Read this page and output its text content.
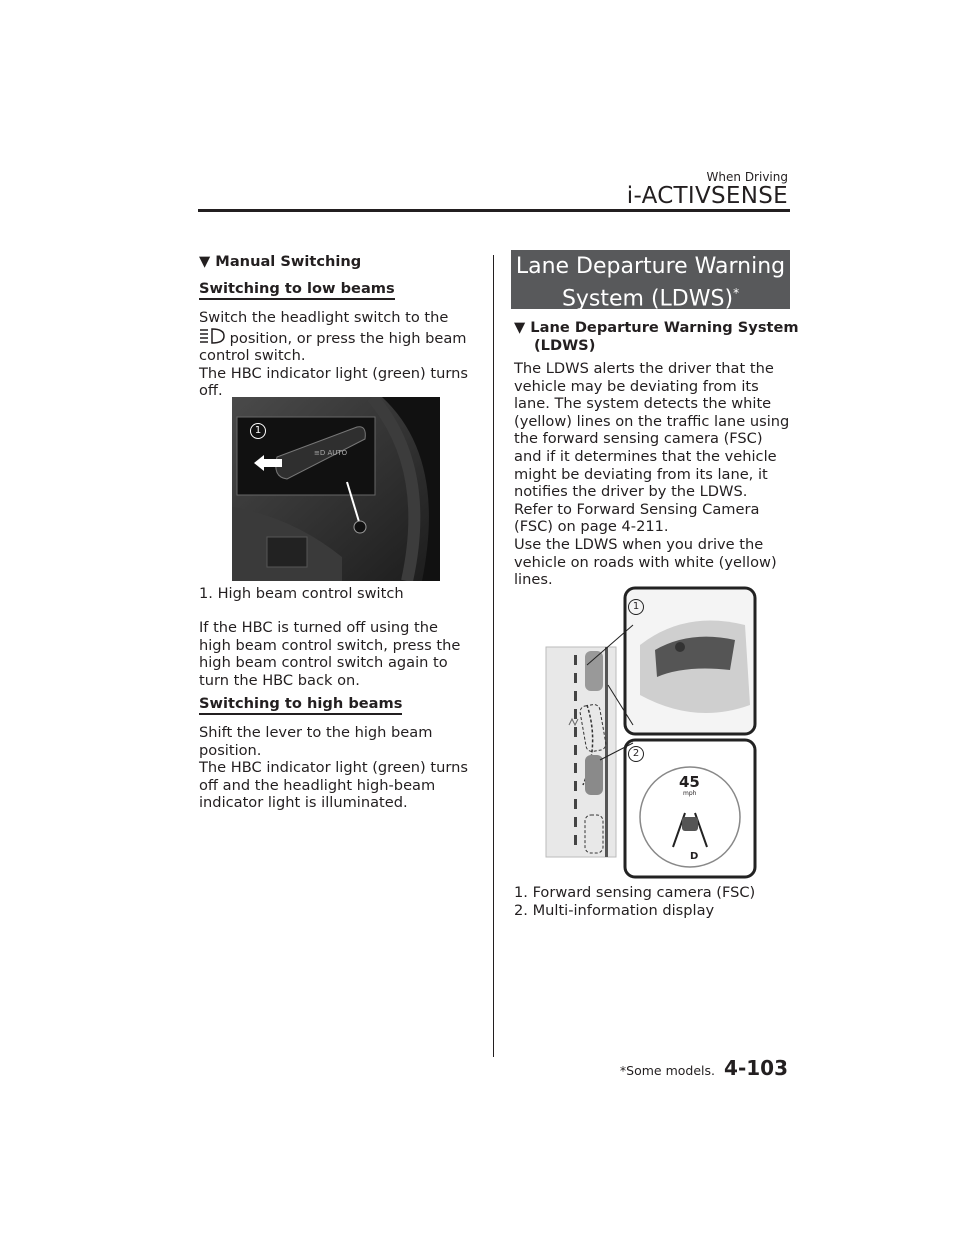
When Driving
i-ACTIVSENSE
▼ Manual Switching
Switching to low beams
Switch the headlight switch to the  position, or press the high beam control switch.
The HBC indicator light (green) turns off.
≡D AUTO
1
1. High beam control switch
If the HBC is turned off using the high beam control switch, press the high beam control switch again to turn the HBC back on.
Switching to high beams
Shift the lever to the high beam position.
The HBC indicator light (green) turns off and the headlight high-beam indicator light is illuminated.
Lane Departure Warning
System (LDWS)*
▼ Lane Departure Warning System
(LDWS)
The LDWS alerts the driver that the vehicle may be deviating from its lane. The system detects the white (yellow) lines on the traffic lane using the forward sensing camera (FSC) and if it determines that the vehicle might be deviating from its lane, it notifies the driver by the LDWS.
Refer to Forward Sensing Camera (FSC) on page 4-211.
Use the LDWS when you drive the vehicle on roads with white (yellow) lines.
1
2
45
mph
D
1. Forward sensing camera (FSC)
2. Multi-information display
*Some models. 4-103
